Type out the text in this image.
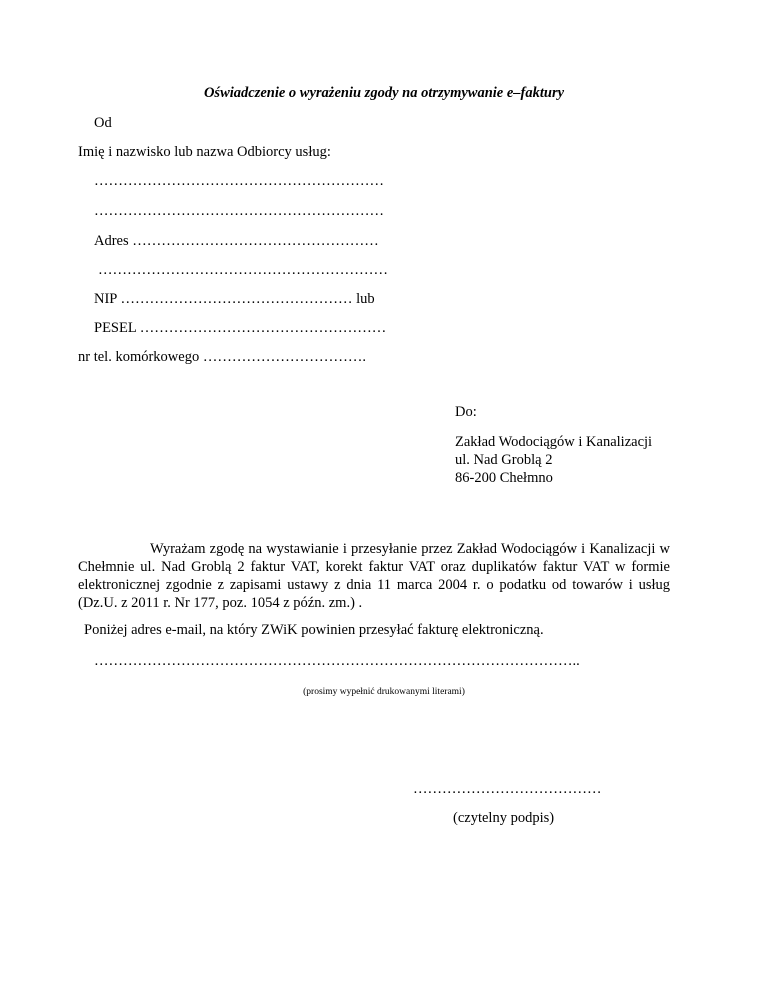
Oświadczenie o wyrażeniu zgody na otrzymywanie e–faktury
Od
Imię i nazwisko lub nazwa Odbiorcy usług:
……………………………………………………
……………………………………………………
Adres ……………………………………………
……………………………………………………
NIP ………………………………………… lub
PESEL ……………………………………………
nr tel. komórkowego …………………………….
Do:
Zakład Wodociągów i Kanalizacji
ul. Nad Groblą 2
86-200 Chełmno
Wyrażam zgodę na wystawianie i przesyłanie przez Zakład Wodociągów i Kanalizacji w Chełmnie ul. Nad Groblą 2 faktur VAT, korekt faktur VAT oraz duplikatów faktur VAT w formie elektronicznej zgodnie z zapisami ustawy z dnia 11 marca 2004 r. o podatku od towarów i usług (Dz.U. z 2011 r. Nr 177, poz. 1054 z późn. zm.) .
Poniżej adres e-mail, na który ZWiK powinien przesyłać fakturę elektroniczną.
………………………………………………………………………………………..
(prosimy wypełnić drukowanymi literami)
…………………………………
(czytelny podpis)
